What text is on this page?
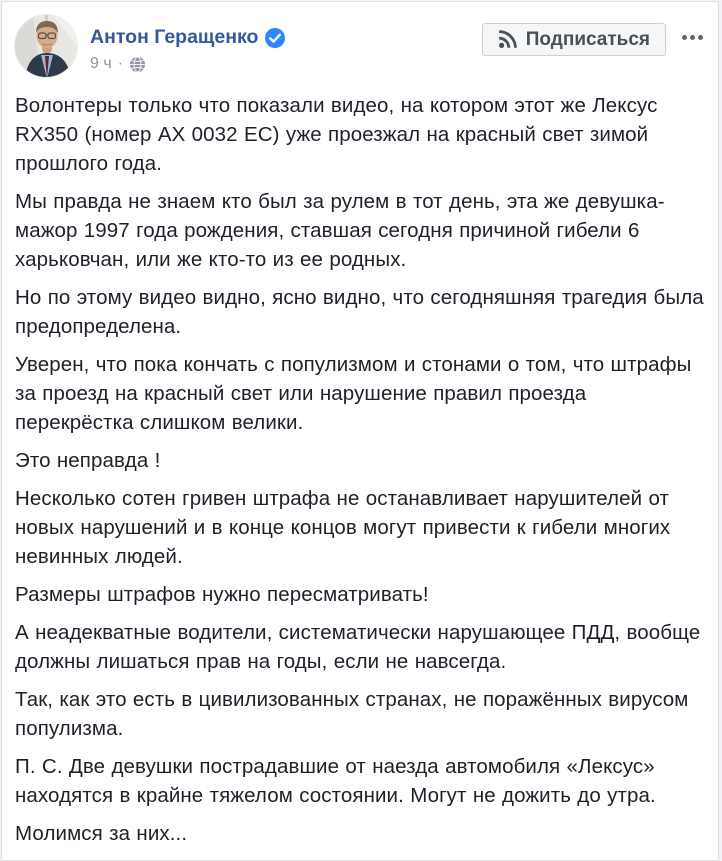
Антон Геращенко
9 ч ·
Подписаться

Волонтеры только что показали видео, на котором этот же Лексус RX350 (номер АХ 0032 ЕС) уже проезжал на красный свет зимой прошлого года.

Мы правда не знаем кто был за рулем в тот день, эта же девушка-мажор 1997 года рождения, ставшая сегодня причиной гибели 6 харьковчан, или же кто-то из ее родных.

Но по этому видео видно, ясно видно, что сегодняшняя трагедия была предопределена.

Уверен, что пока кончать с популизмом и стонами о том, что штрафы за проезд на красный свет или нарушение правил проезда перекрёстка слишком велики.

Это неправда !

Несколько сотен гривен штрафа не останавливает нарушителей от новых нарушений и в конце концов могут привести к гибели многих невинных людей.

Размеры штрафов нужно пересматривать!

А неадекватные водители, систематически нарушающее ПДД, вообще должны лишаться прав на годы, если не навсегда.

Так, как это есть в цивилизованных странах, не поражённых вирусом популизма.

П. С. Две девушки пострадавшие от наезда автомобиля «Лексус» находятся в крайне тяжелом состоянии. Могут не дожить до утра.

Молимся за них...
